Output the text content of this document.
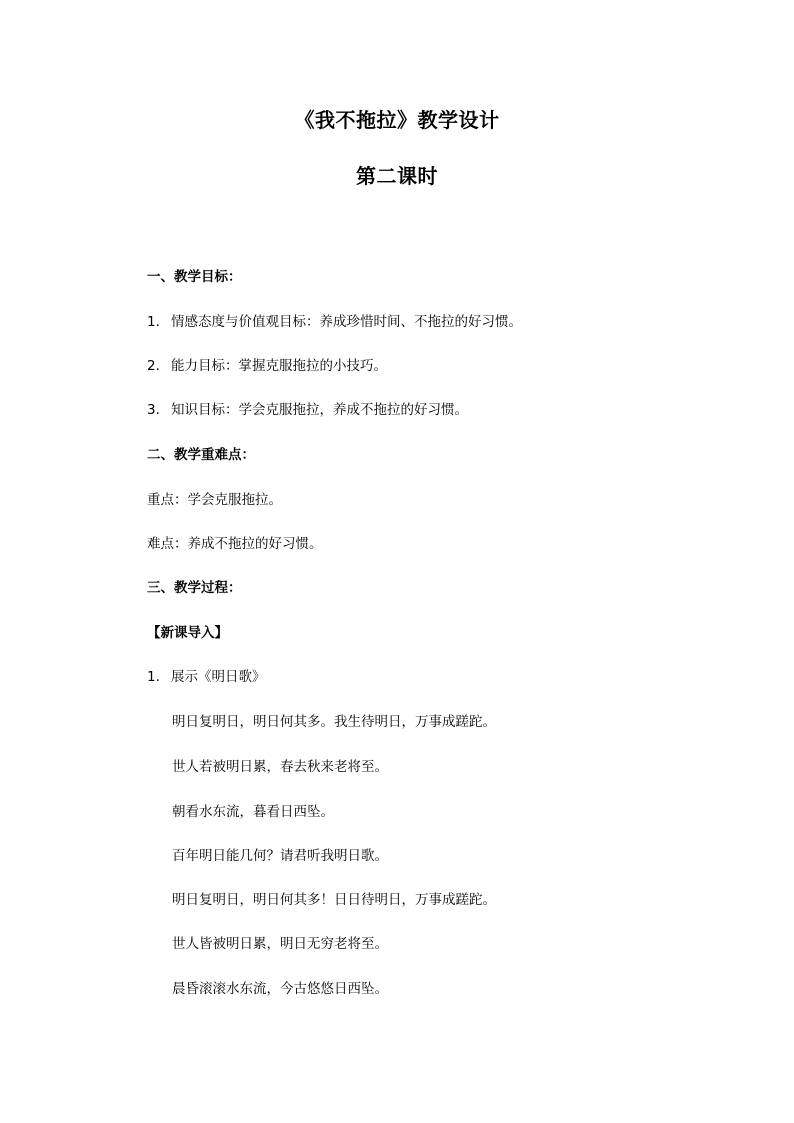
《我不拖拉》教学设计
第二课时
一、教学目标：
1． 情感态度与价值观目标：养成珍惜时间、不拖拉的好习惯。
2． 能力目标：掌握克服拖拉的小技巧。
3． 知识目标：学会克服拖拉，养成不拖拉的好习惯。
二、教学重难点：
重点：学会克服拖拉。
难点：养成不拖拉的好习惯。
三、教学过程：
【新课导入】
1. 展示《明日歌》
明日复明日，明日何其多。我生待明日，万事成蹉跎。
世人若被明日累，春去秋来老将至。
朝看水东流，暮看日西坠。
百年明日能几何？请君听我明日歌。
明日复明日，明日何其多！日日待明日，万事成蹉跎。
世人皆被明日累，明日无穷老将至。
晨昏滚滚水东流，今古悠悠日西坠。
